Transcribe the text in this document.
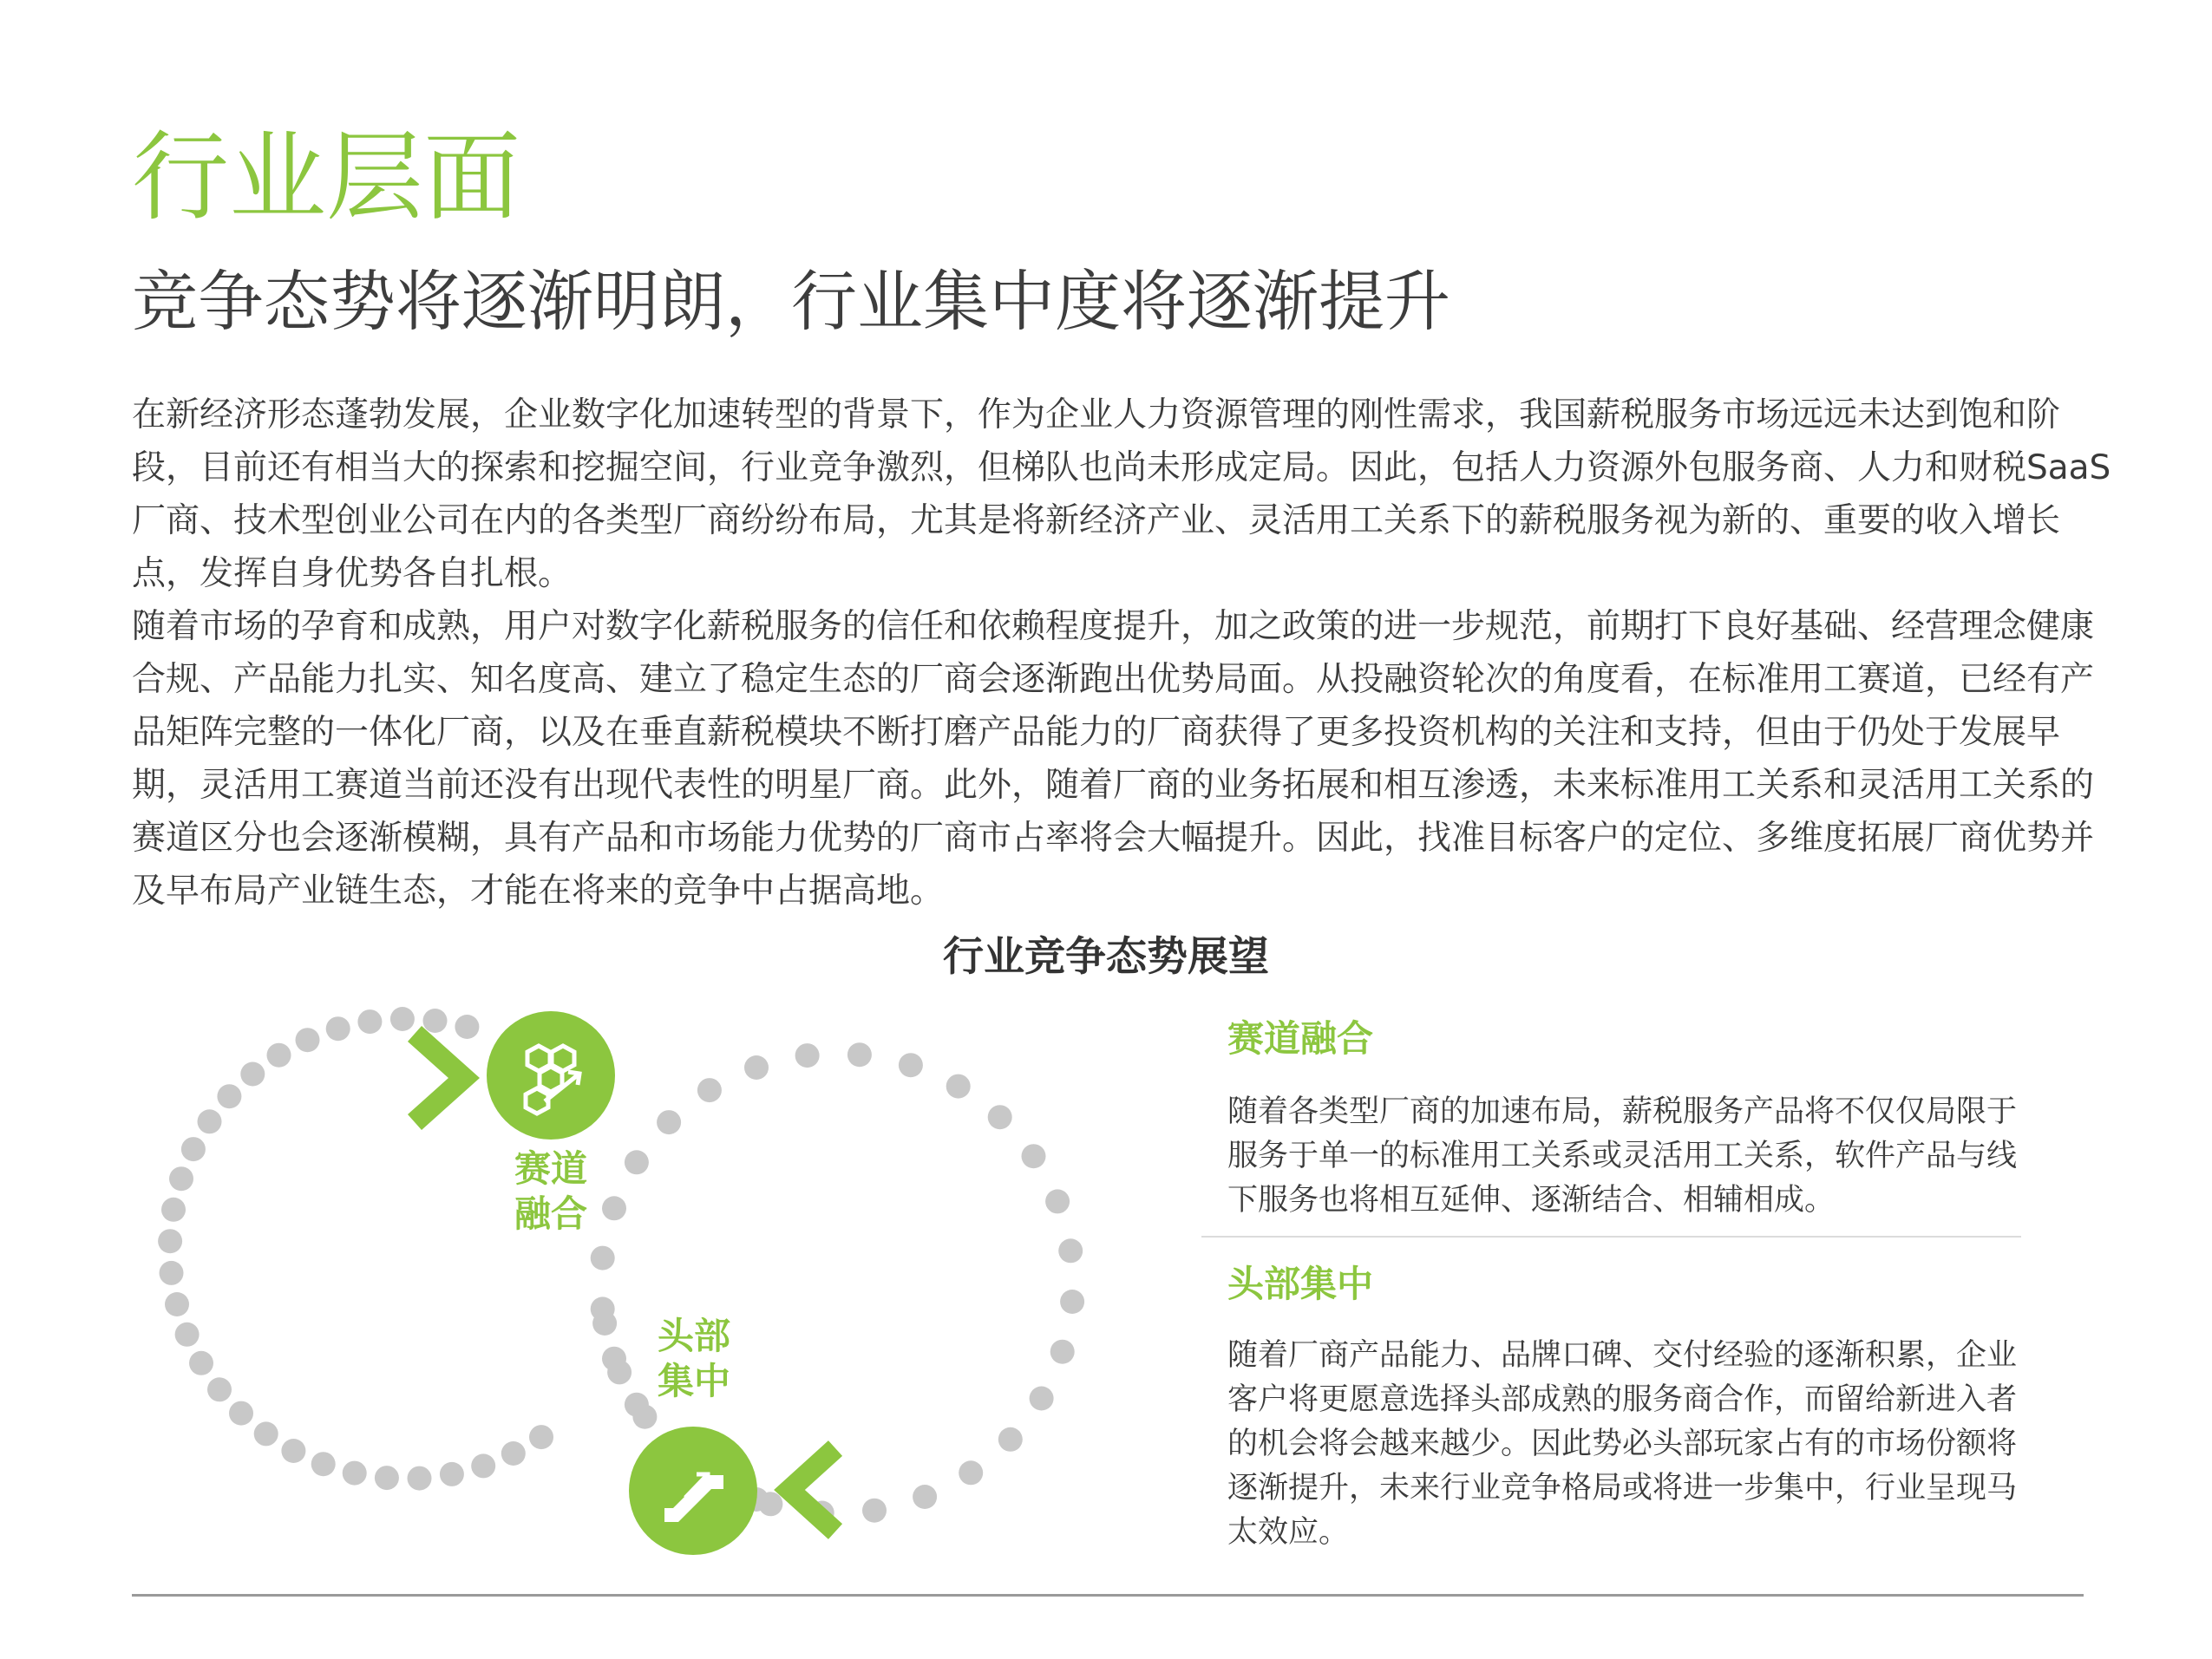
行业层面
竞争态势将逐渐明朗，行业集中度将逐渐提升

在新经济形态蓬勃发展，企业数字化加速转型的背景下，作为企业人力资源管理的刚性需求，我国薪税服务市场远远未达到饱和阶段，目前还有相当大的探索和挖掘空间，行业竞争激烈，但梯队也尚未形成定局。因此，包括人力资源外包服务商、人力和财税SaaS厂商、技术型创业公司在内的各类型厂商纷纷布局，尤其是将新经济产业、灵活用工关系下的薪税服务视为新的、重要的收入增长点，发挥自身优势各自扎根。

随着市场的孕育和成熟，用户对数字化薪税服务的信任和依赖程度提升，加之政策的进一步规范，前期打下良好基础、经营理念健康合规、产品能力扎实、知名度高、建立了稳定生态的厂商会逐渐跑出优势局面。从投融资轮次的角度看，在标准用工赛道，已经有产品矩阵完整的一体化厂商，以及在垂直薪税模块不断打磨产品能力的厂商获得了更多投资机构的关注和支持，但由于仍处于发展早期，灵活用工赛道当前还没有出现代表性的明星厂商。此外，随着厂商的业务拓展和相互渗透，未来标准用工关系和灵活用工关系的赛道区分也会逐渐模糊，具有产品和市场能力优势的厂商市占率将会大幅提升。因此，找准目标客户的定位、多维度拓展厂商优势并及早布局产业链生态，才能在将来的竞争中占据高地。

行业竞争态势展望
赛道
融合
头部
集中
赛道融合
随着各类型厂商的加速布局，薪税服务产品将不仅仅局限于服务于单一的标准用工关系或灵活用工关系，软件产品与线下服务也将相互延伸、逐渐结合、相辅相成。
头部集中
随着厂商产品能力、品牌口碑、交付经验的逐渐积累，企业客户将更愿意选择头部成熟的服务商合作，而留给新进入者的机会将会越来越少。因此势必头部玩家占有的市场份额将逐渐提升，未来行业竞争格局或将进一步集中，行业呈现马太效应。
